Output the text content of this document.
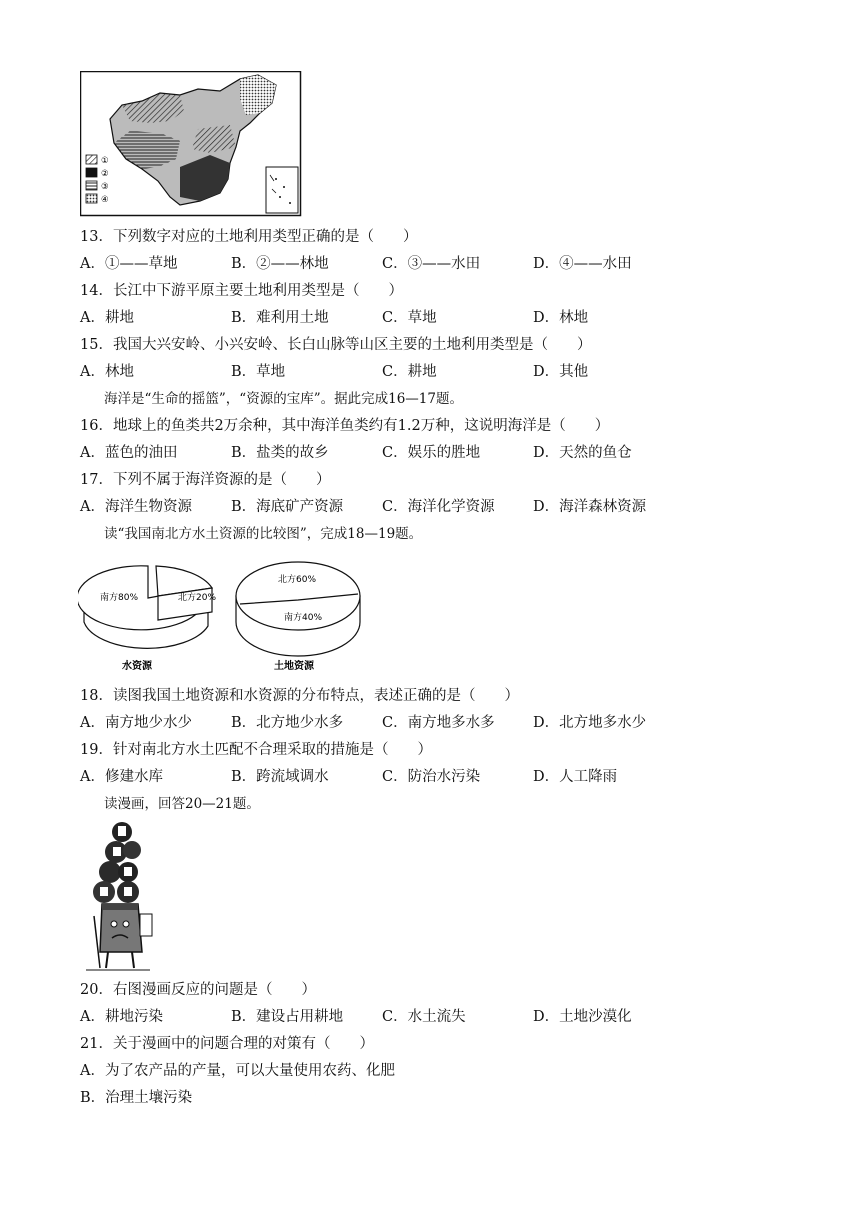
①
②
③
④
13．下列数字对应的土地利用类型正确的是（　　）
A．①——草地	B．②——林地	C．③——水田	D．④——水田
14．长江中下游平原主要土地利用类型是（　　）
A．耕地	B．难利用土地	C．草地	D．林地
15．我国大兴安岭、小兴安岭、长白山脉等山区主要的土地利用类型是（　　）
A．林地	B．草地	C．耕地	D．其他
海洋是“生命的摇篮”，“资源的宝库”。据此完成16—17题。
16．地球上的鱼类共2万余种，其中海洋鱼类约有1.2万种，这说明海洋是（　　）
A．蓝色的油田	B．盐类的故乡	C．娱乐的胜地	D．天然的鱼仓
17．下列不属于海洋资源的是（　　）
A．海洋生物资源	B．海底矿产资源	C．海洋化学资源	D．海洋森林资源
读“我国南北方水土资源的比较图”，完成18—19题。
南方80%	北方20%
水资源
北方60%
南方40%
土地资源
18．读图我国土地资源和水资源的分布特点，表述正确的是（　　）
A．南方地少水少	B．北方地少水多	C．南方地多水多	D．北方地多水少
19．针对南北方水土匹配不合理采取的措施是（　　）
A．修建水库	B．跨流域调水	C．防治水污染	D．人工降雨
读漫画，回答20—21题。
20．右图漫画反应的问题是（　　）
A．耕地污染	B．建设占用耕地	C．水土流失	D．土地沙漠化
21．关于漫画中的问题合理的对策有（　　）
A．为了农产品的产量，可以大量使用农药、化肥
B．治理土壤污染
